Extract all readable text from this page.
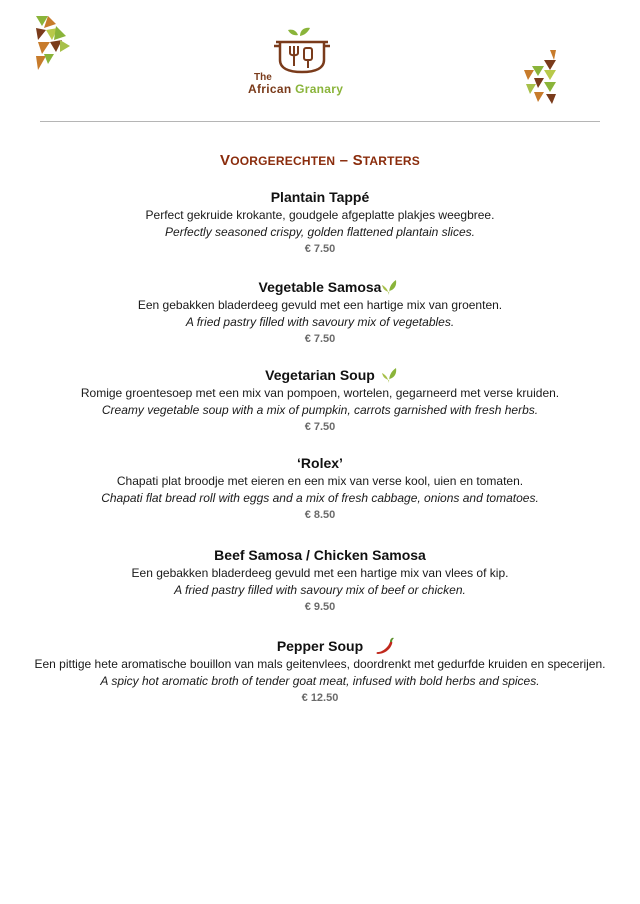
The
African Granary
VOORGERECHTEN – STARTERS
Plantain Tappé
Perfect gekruide krokante, goudgele afgeplatte plakjes weegbree.
Perfectly seasoned crispy, golden flattened plantain slices.
€ 7.50
Vegetable Samosa
Een gebakken bladerdeeg gevuld met een hartige mix van groenten.
A fried pastry filled with savoury mix of vegetables.
€ 7.50
Vegetarian Soup
Romige groentesoep met een mix van pompoen, wortelen, gegarneerd met verse kruiden.
Creamy vegetable soup with a mix of pumpkin, carrots garnished with fresh herbs.
€ 7.50
‘Rolex’
Chapati plat broodje met eieren en een mix van verse kool, uien en tomaten.
Chapati flat bread roll with eggs and a mix of fresh cabbage, onions and tomatoes.
€ 8.50
Beef Samosa / Chicken Samosa
Een gebakken bladerdeeg gevuld met een hartige mix van vlees of kip.
A fried pastry filled with savoury mix of beef or chicken.
€ 9.50
Pepper Soup
Een pittige hete aromatische bouillon van mals geitenvlees, doordrenkt met gedurfde kruiden en specerijen.
A spicy hot aromatic broth of tender goat meat, infused with bold herbs and spices.
€ 12.50
